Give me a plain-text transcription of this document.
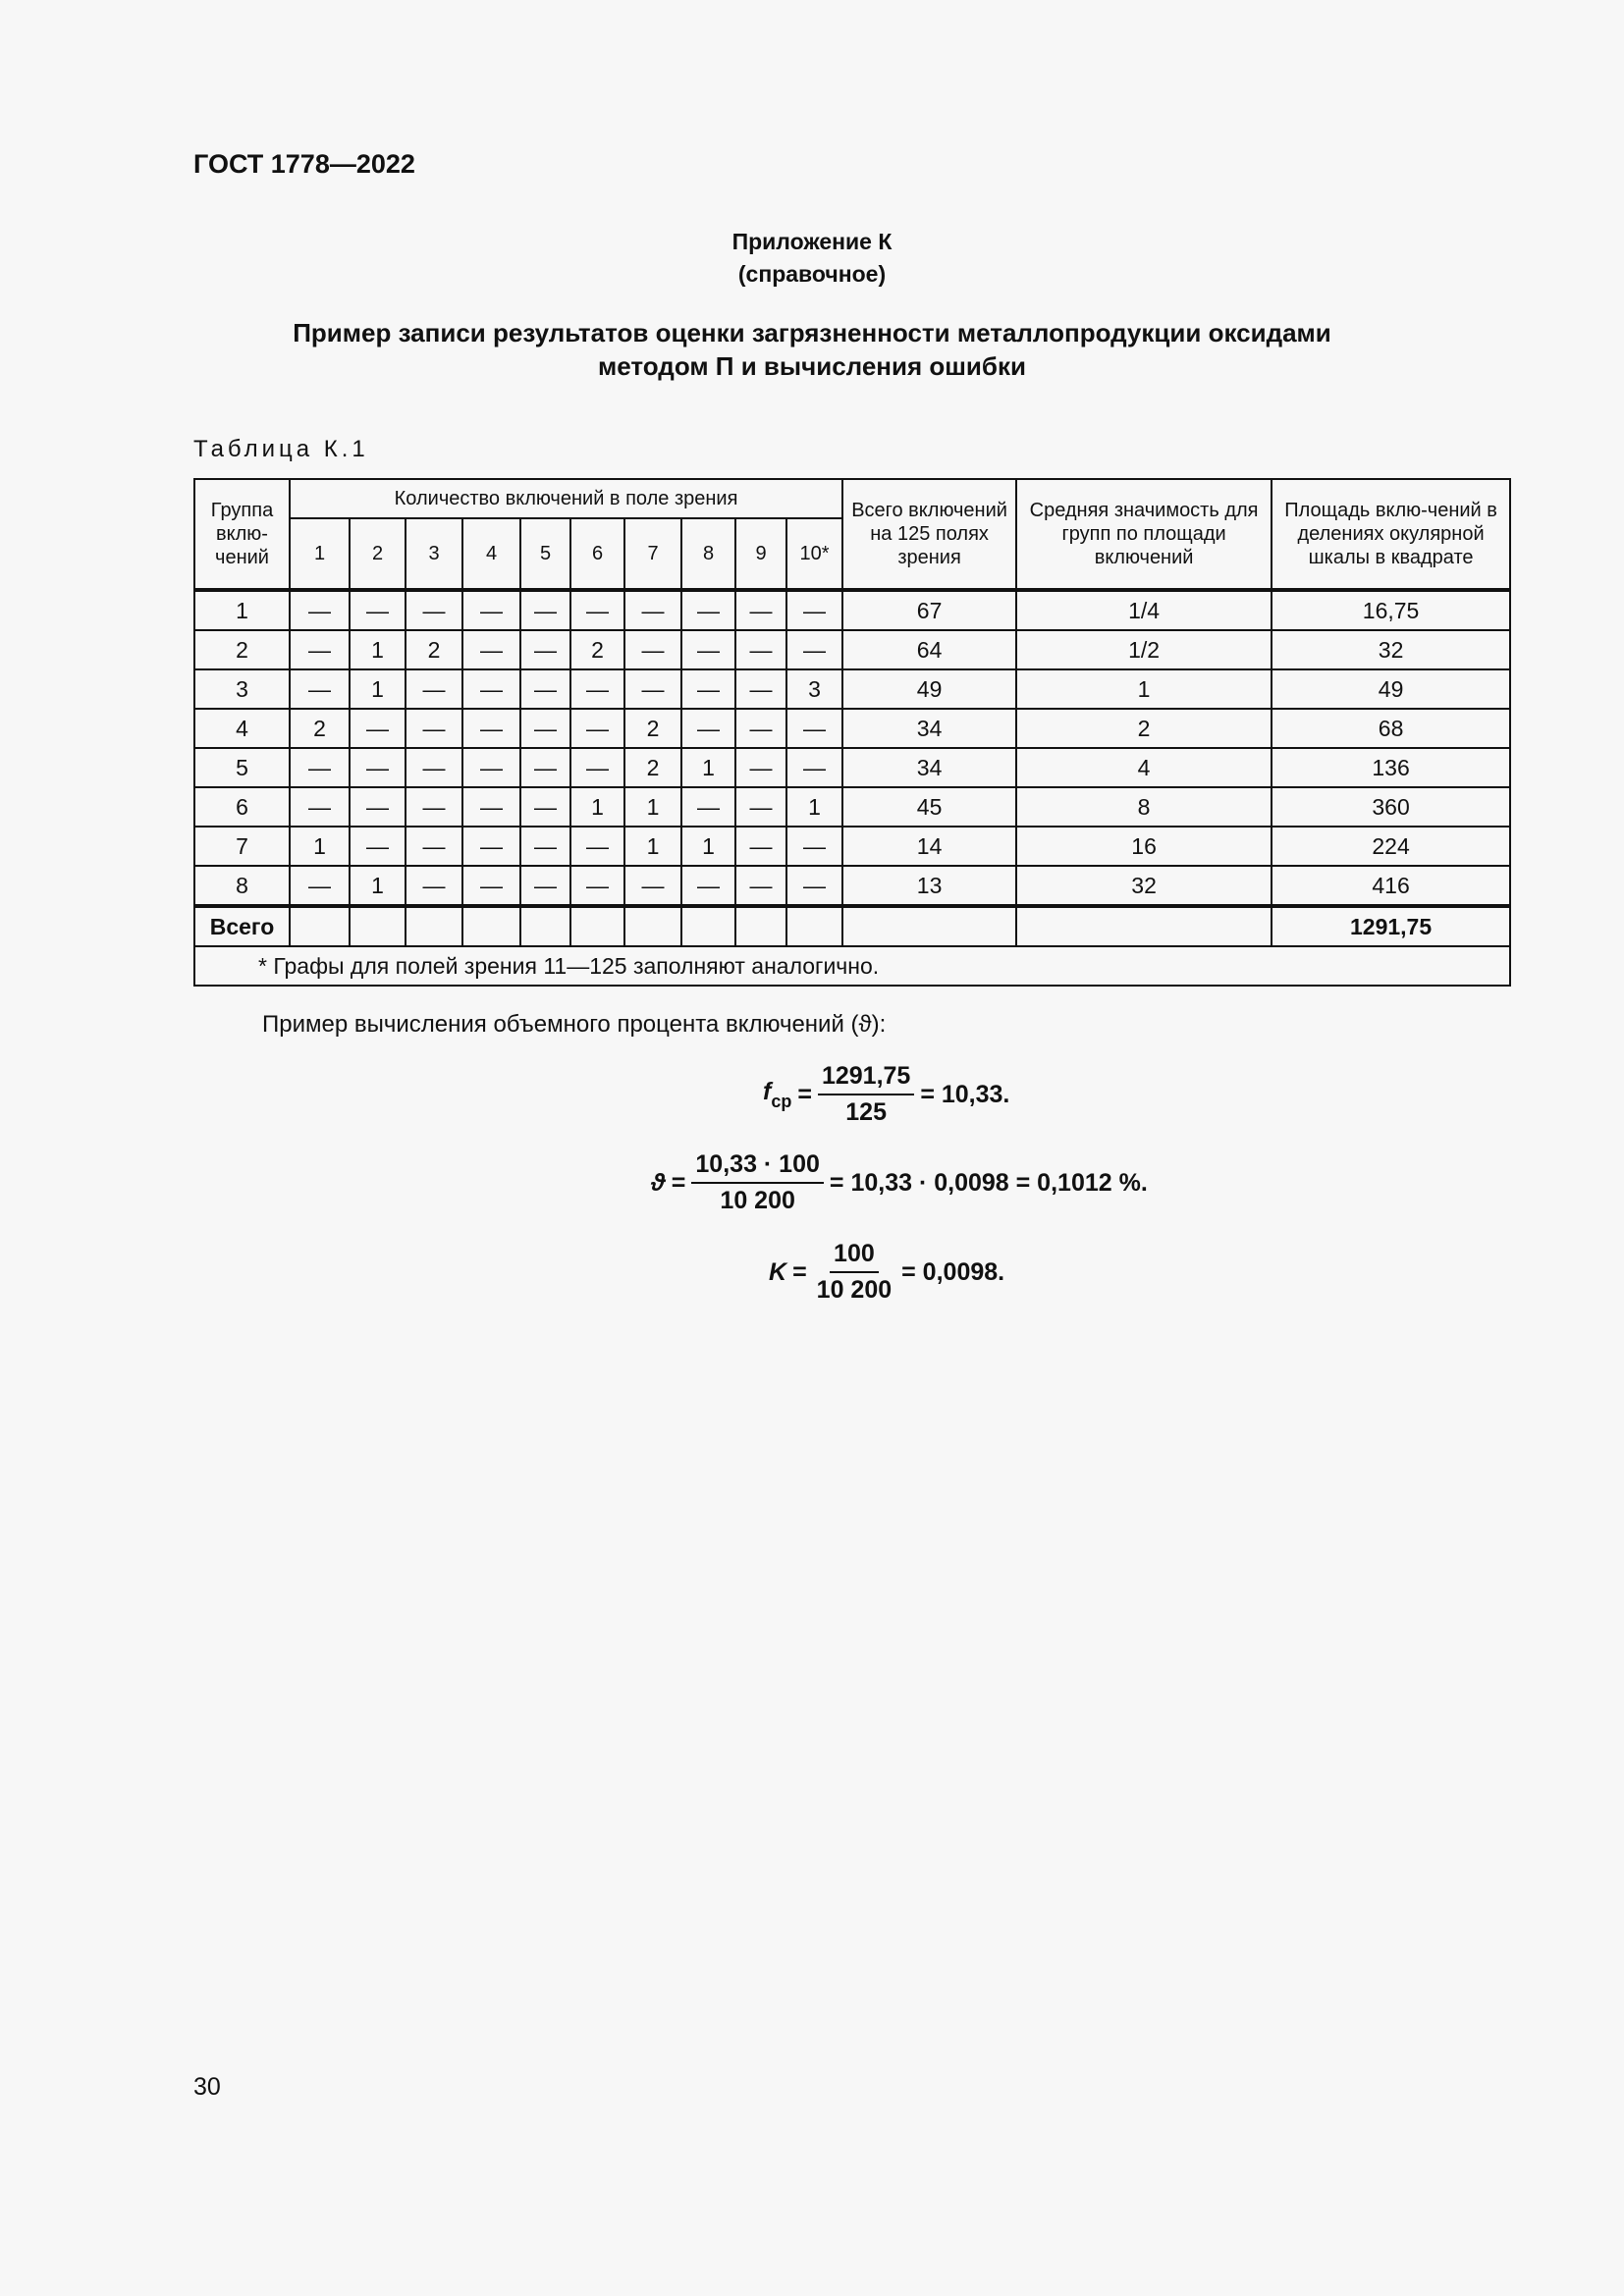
ГОСТ 1778—2022
Приложение К
(справочное)
Пример записи результатов оценки загрязненности металлопродукции оксидами
методом П и вычисления ошибки
Таблица К.1
Группа вклю-чений	Количество включений в поле зрения										Всего включений на 125 полях зрения	Средняя значимость для групп по площади включений	Площадь вклю-чений в делениях окулярной шкалы в квадрате
	1	2	3	4	5	6	7	8	9	10*			
1	—	—	—	—	—	—	—	—	—	—	67	1/4	16,75
2	—	1	2	—	—	2	—	—	—	—	64	1/2	32
3	—	1	—	—	—	—	—	—	—	3	49	1	49
4	2	—	—	—	—	—	2	—	—	—	34	2	68
5	—	—	—	—	—	—	2	1	—	—	34	4	136
6	—	—	—	—	—	1	1	—	—	1	45	8	360
7	1	—	—	—	—	—	1	1	—	—	14	16	224
8	—	1	—	—	—	—	—	—	—	—	13	32	416
Всего													1291,75
* Графы для полей зрения 11—125 заполняют аналогично.													
Пример вычисления объемного процента включений (ϑ):
$f_{ср} = \frac{1291,75}{125} = 10,33$.
$ϑ = \frac{10,33 \cdot 100}{10 200} = 10,33 \cdot 0,0098 = 0,1012$ %.
$K = \frac{100}{10 200} = 0,0098$.
30
